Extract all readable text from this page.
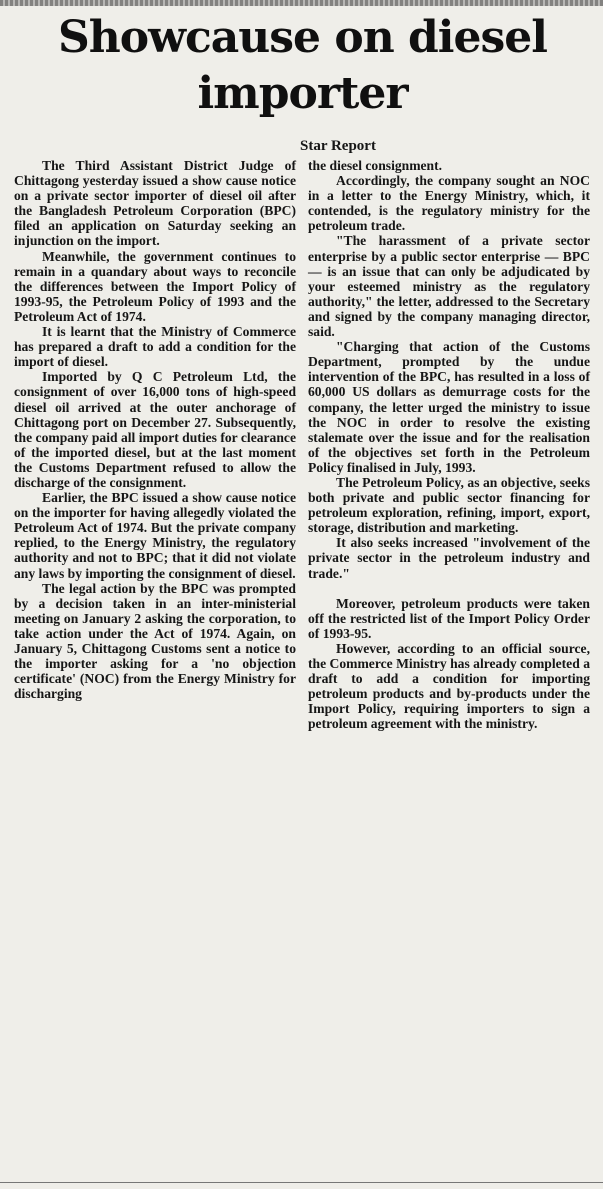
Showcause on diesel importer
Star Report

The Third Assistant District Judge of Chittagong yesterday issued a show cause notice on a private sector importer of diesel oil after the Bangladesh Petroleum Corporation (BPC) filed an application on Saturday seeking an injunction on the import.

Meanwhile, the government continues to remain in a quandary about ways to reconcile the differences between the Import Policy of 1993-95, the Petroleum Policy of 1993 and the Petroleum Act of 1974.

It is learnt that the Ministry of Commerce has prepared a draft to add a condition for the import of diesel.

Imported by Q C Petroleum Ltd, the consignment of over 16,000 tons of high-speed diesel oil arrived at the outer anchorage of Chittagong port on December 27. Subsequently, the company paid all import duties for clearance of the imported diesel, but at the last moment the Customs Department refused to allow the discharge of the consignment.

Earlier, the BPC issued a show cause notice on the importer for having allegedly violated the Petroleum Act of 1974. But the private company replied, to the Energy Ministry, the regulatory authority and not to BPC; that it did not violate any laws by importing the consignment of diesel.

The legal action by the BPC was prompted by a decision taken in an inter-ministerial meeting on January 2 asking the corporation, to take action under the Act of 1974. Again, on January 5, Chittagong Customs sent a notice to the importer asking for a 'no objection certificate' (NOC) from the Energy Ministry for discharging

the diesel consignment.

Accordingly, the company sought an NOC in a letter to the Energy Ministry, which, it contended, is the regulatory ministry for the petroleum trade.

"The harassment of a private sector enterprise by a public sector enterprise — BPC — is an issue that can only be adjudicated by your esteemed ministry as the regulatory authority," the letter, addressed to the Secretary and signed by the company managing director, said.

"Charging that action of the Customs Department, prompted by the undue intervention of the BPC, has resulted in a loss of 60,000 US dollars as demurrage costs for the company, the letter urged the ministry to issue the NOC in order to resolve the existing stalemate over the issue and for the realisation of the objectives set forth in the Petroleum Policy finalised in July, 1993.

The Petroleum Policy, as an objective, seeks both private and public sector financing for petroleum exploration, refining, import, export, storage, distribution and marketing.

It also seeks increased "involvement of the private sector in the petroleum industry and trade."

Moreover, petroleum products were taken off the restricted list of the Import Policy Order of 1993-95.

However, according to an official source, the Commerce Ministry has already completed a draft to add a condition for importing petroleum products and by-products under the Import Policy, requiring importers to sign a petroleum agreement with the ministry.
